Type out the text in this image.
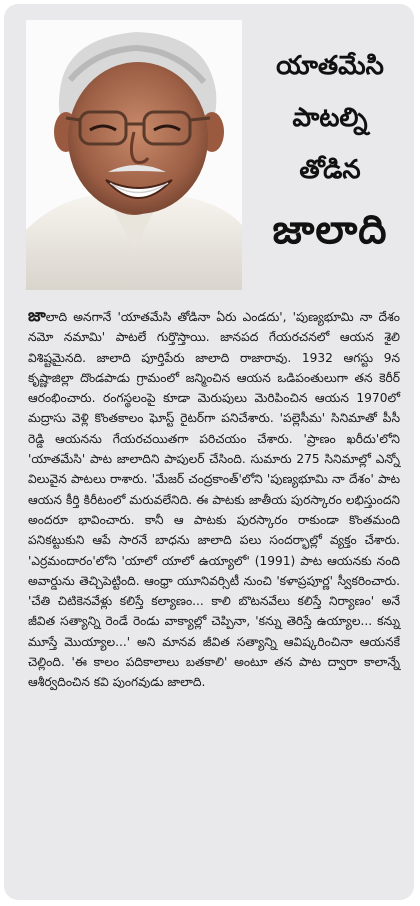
యాతమేసి
పాటల్ని
తోడిన
జాలాది
జాలాది అనగానే 'యాతమేసి తోడినా ఏరు ఎండదు', 'పుణ్యభూమి నా దేశం నమో నమామి' పాటలే గుర్తొస్తాయి. జానపద గేయరచనలో ఆయన శైలి విశిష్టమైనది. జాలాది పూర్తిపేరు జాలాది రాజారావు. 1932 ఆగస్టు 9న కృష్ణాజిల్లా దొండపాడు గ్రామంలో జన్మించిన ఆయన ఒడిపంతులుగా తన కెరీర్ ఆరంభించారు. రంగస్థలంపై కూడా మెరుపులు మెరిపించిన ఆయన 1970లో మద్రాసు వెళ్లి కొంతకాలం ఘోస్ట్ రైటర్‌గా పనిచేశారు. 'పల్లెసీమ' సినిమాతో పీసీ రెడ్డి ఆయనను గేయరచయితగా పరిచయం చేశారు. 'ప్రాణం ఖరీదు'లోని 'యాతమేసి' పాట జాలాదిని పాపులర్ చేసింది. సుమారు 275 సినిమాల్లో ఎన్నో విలువైన పాటలు రాశారు. 'మేజర్ చంద్రకాంత్'లోని 'పుణ్యభూమి నా దేశం' పాట ఆయన కీర్తి కిరీటంలో మరువలేనిది. ఈ పాటకు జాతీయ పురస్కారం లభిస్తుందని అందరూ భావించారు. కానీ ఆ పాటకు పురస్కారం రాకుండా కొంతమంది పనికట్టుకుని ఆపే సారనే బాధను జాలాది పలు సందర్భాల్లో వ్యక్తం చేశారు. 'ఎర్రమందారం'లోని 'యాలో యాలో ఉయ్యాలో' (1991) పాట ఆయనకు నంది అవార్డును తెచ్చిపెట్టింది. ఆంధ్రా యూనివర్సిటీ నుంచి 'కళాప్రపూర్ణ' స్వీకరించారు. 'చేతి చిటికెనవేళ్లు కలిస్తే కల్యాణం... కాలి బొటనవేలు కలిస్తే నిర్యాణం' అనే జీవిత సత్యాన్ని రెండే రెండు వాక్యాల్లో చెప్పినా, 'కన్ను తెరిస్తే ఉయ్యాల... కన్ను మూస్తే మొయ్యాల...' అని మానవ జీవిత సత్యాన్ని ఆవిష్కరించినా ఆయనకే చెల్లింది. 'ఈ కాలం పదికాలాలు బతకాలి' అంటూ తన పాట ద్వారా కాలాన్నే ఆశీర్వదించిన కవి పుంగవుడు జాలాది.
